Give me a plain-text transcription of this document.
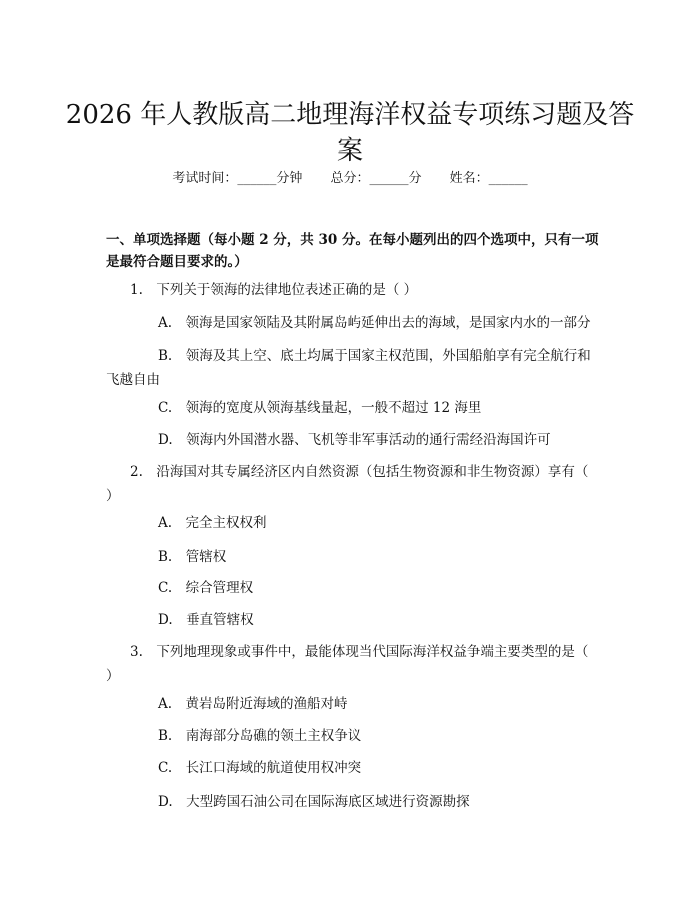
2026 年人教版高二地理海洋权益专项练习题及答案
考试时间：______分钟 总分：______分 姓名：______
一、单项选择题（每小题 2 分，共 30 分。在每小题列出的四个选项中，只有一项是最符合题目要求的。）
1.　下列关于领海的法律地位表述正确的是（ ）
A.　领海是国家领陆及其附属岛屿延伸出去的海域，是国家内水的一部分
B.　领海及其上空、底土均属于国家主权范围，外国船舶享有完全航行和飞越自由
C.　领海的宽度从领海基线量起，一般不超过 12 海里
D.　领海内外国潜水器、飞机等非军事活动的通行需经沿海国许可
2.　沿海国对其专属经济区内自然资源（包括生物资源和非生物资源）享有（ ）
A.　完全主权权利
B.　管辖权
C.　综合管理权
D.　垂直管辖权
3.　下列地理现象或事件中，最能体现当代国际海洋权益争端主要类型的是（ ）
A.　黄岩岛附近海域的渔船对峙
B.　南海部分岛礁的领土主权争议
C.　长江口海域的航道使用权冲突
D.　大型跨国石油公司在国际海底区域进行资源勘探
